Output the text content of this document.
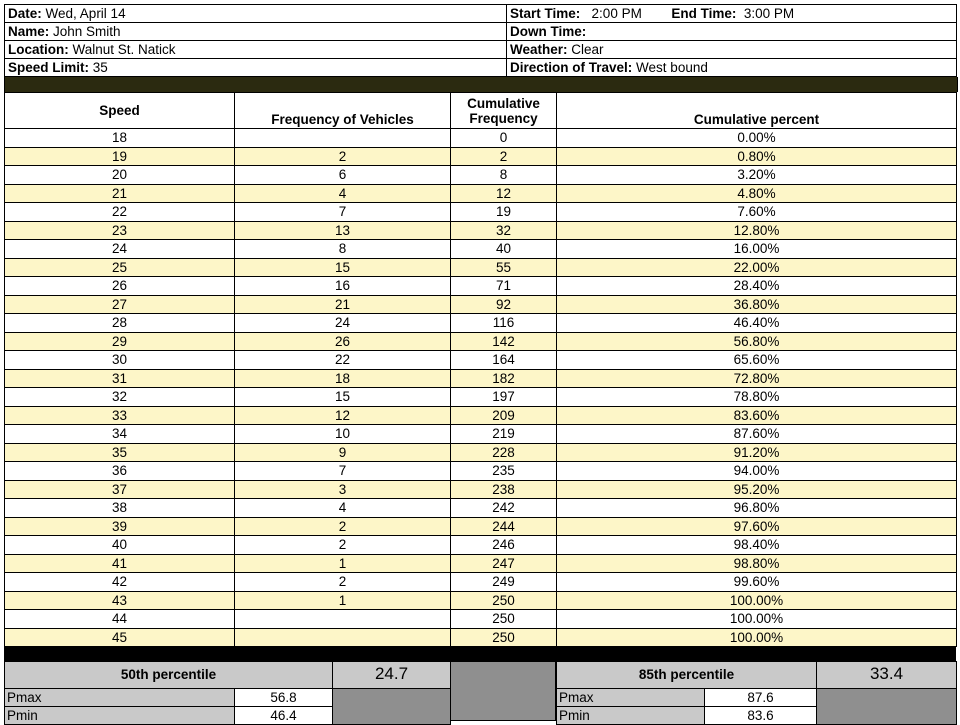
Date: Wed, April 14	Start Time: 2:00 PM End Time: 3:00 PM
Name: John Smith	Down Time:
Location: Walnut St. Natick	Weather: Clear
Speed Limit: 35	Direction of Travel: West bound
Speed	Frequency of Vehicles	Cumulative
Frequency	Cumulative percent
18		0	0.00%
19	2	2	0.80%
20	6	8	3.20%
21	4	12	4.80%
22	7	19	7.60%
23	13	32	12.80%
24	8	40	16.00%
25	15	55	22.00%
26	16	71	28.40%
27	21	92	36.80%
28	24	116	46.40%
29	26	142	56.80%
30	22	164	65.60%
31	18	182	72.80%
32	15	197	78.80%
33	12	209	83.60%
34	10	219	87.60%
35	9	228	91.20%
36	7	235	94.00%
37	3	238	95.20%
38	4	242	96.80%
39	2	244	97.60%
40	2	246	98.40%
41	1	247	98.80%
42	2	249	99.60%
43	1	250	100.00%
44		250	100.00%
45		250	100.00%
50th percentile		24.7
Pmax	56.8	
Pmin	46.4	
85th percentile		33.4
Pmax	87.6	
Pmin	83.6	
